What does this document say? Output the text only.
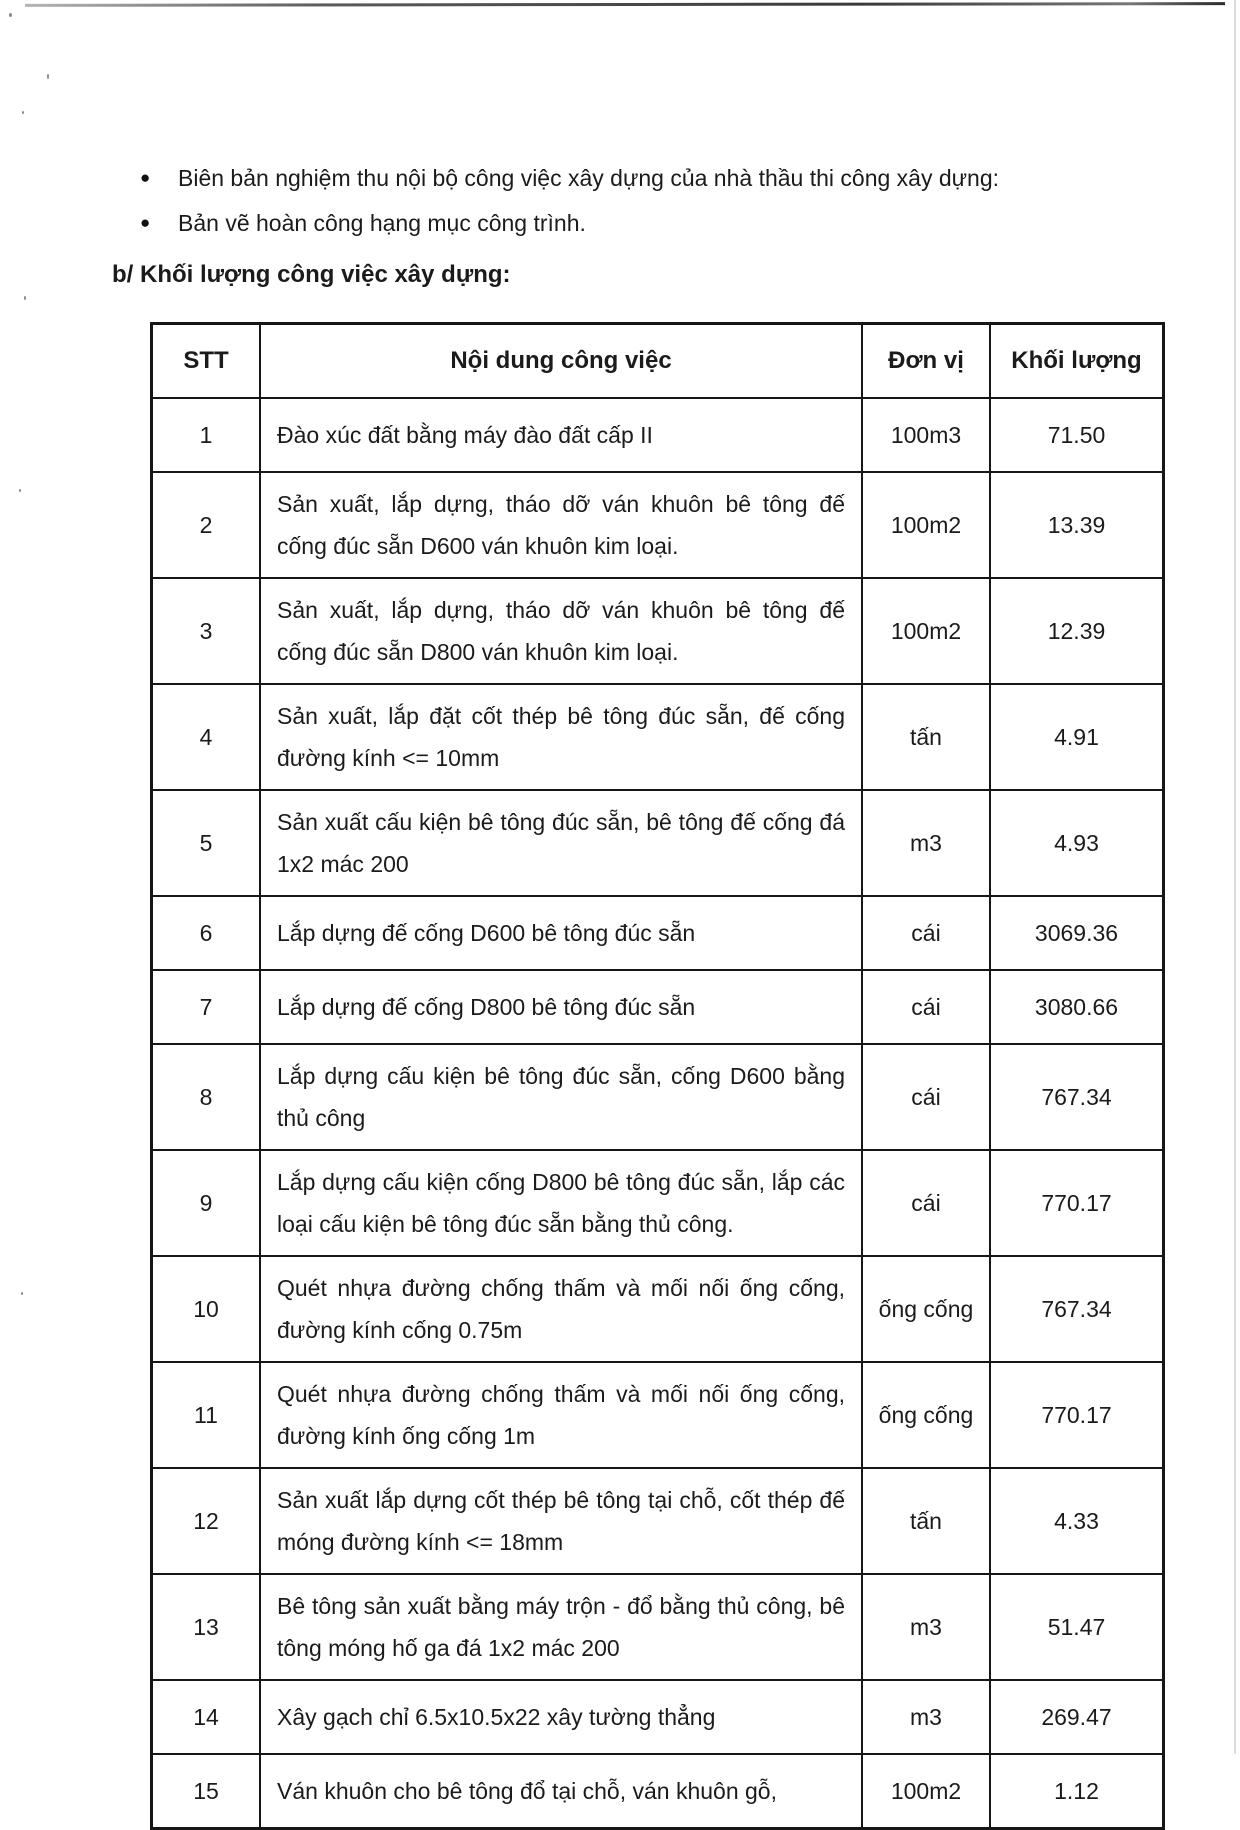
●	Biên bản nghiệm thu nội bộ công việc xây dựng của nhà thầu thi công xây dựng:
●	Bản vẽ hoàn công hạng mục công trình.
b/ Khối lượng công việc xây dựng:
STT	Nội dung công việc	Đơn vị	Khối lượng
1	Đào xúc đất bằng máy đào đất cấp II	100m3	71.50
2	Sản xuất, lắp dựng, tháo dỡ ván khuôn bê tông đế cống đúc sẵn D600 ván khuôn kim loại.	100m2	13.39
3	Sản xuất, lắp dựng, tháo dỡ ván khuôn bê tông đế cống đúc sẵn D800 ván khuôn kim loại.	100m2	12.39
4	Sản xuất, lắp đặt cốt thép bê tông đúc sẵn, đế cống đường kính <= 10mm	tấn	4.91
5	Sản xuất cấu kiện bê tông đúc sẵn, bê tông đế cống đá 1x2 mác 200	m3	4.93
6	Lắp dựng đế cống D600 bê tông đúc sẵn	cái	3069.36
7	Lắp dựng đế cống D800 bê tông đúc sẵn	cái	3080.66
8	Lắp dựng cấu kiện bê tông đúc sẵn, cống D600 bằng thủ công	cái	767.34
9	Lắp dựng cấu kiện cống D800 bê tông đúc sẵn, lắp các loại cấu kiện bê tông đúc sẵn bằng thủ công.	cái	770.17
10	Quét nhựa đường chống thấm và mối nối ống cống, đường kính cống 0.75m	ống cống	767.34
11	Quét nhựa đường chống thấm và mối nối ống cống, đường kính ống cống 1m	ống cống	770.17
12	Sản xuất lắp dựng cốt thép bê tông tại chỗ, cốt thép đế móng đường kính <= 18mm	tấn	4.33
13	Bê tông sản xuất bằng máy trộn - đổ bằng thủ công, bê tông móng hố ga đá 1x2 mác 200	m3	51.47
14	Xây gạch chỉ 6.5x10.5x22 xây tường thẳng	m3	269.47
15	Ván khuôn cho bê tông đổ tại chỗ, ván khuôn gỗ,	100m2	1.12
